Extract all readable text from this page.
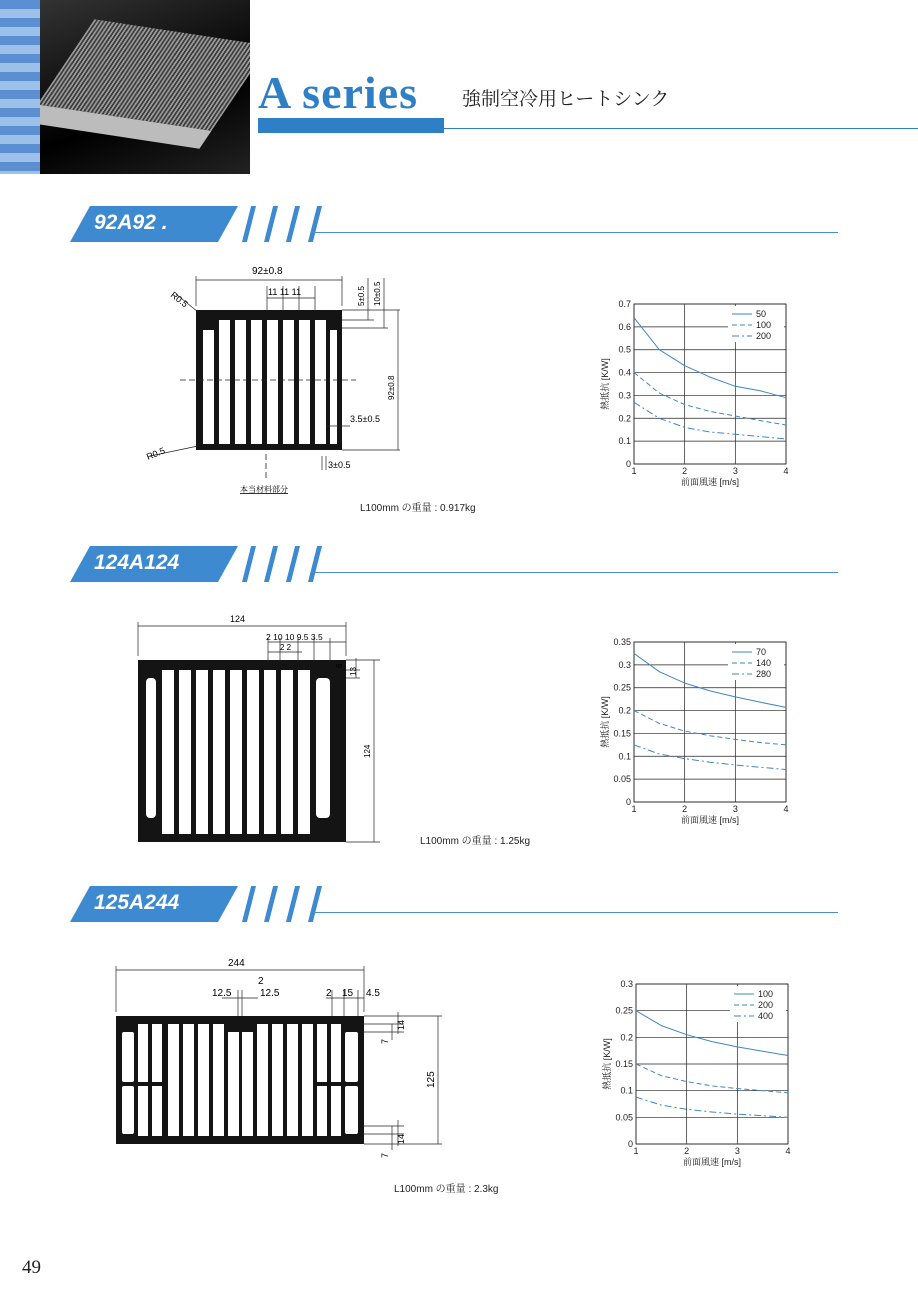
A series 強制空冷用ヒートシンク
92A92 .
92±0.8
11 11 11	5±0.5 10±0.5
92±0.8
3.5±0.5
3±0.5
R0.5
R0.5
本当材料部分
L100mm の重量 : 0.917kg
0
0.1
0.2
0.3
0.4
0.5
0.6
0.7
1	2	3	4
前面風速 [m/s]
熱抵抗 [K/W]
50
100
200
124A124
124
2 10 10 9.5 3.5
2 2
6
13
124
L100mm の重量 : 1.25kg
0
0.05
0.1
0.15
0.2
0.25
0.3
0.35
1	2	3	4
前面風速 [m/s]
熱抵抗 [K/W]
70
140
280
125A244
244
2
12.5	12.5	2 15 4.5
7
14
125
7
14
L100mm の重量 : 2.3kg
0
0.05
0.1
0.15
0.2
0.25
0.3
1	2	3	4
前面風速 [m/s]
熱抵抗 [K/W]
100
200
400
49
